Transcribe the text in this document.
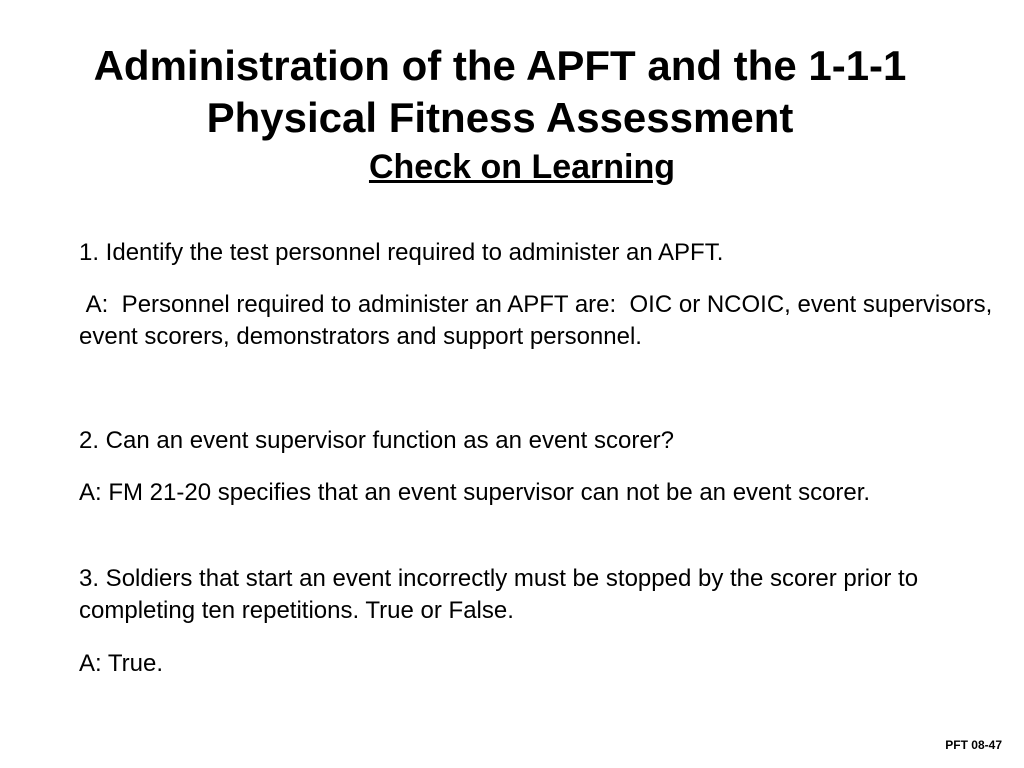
Administration of the APFT and the 1-1-1
Physical Fitness Assessment
Check on Learning
1. Identify the test personnel required to administer an APFT.
A:  Personnel required to administer an APFT are:  OIC or NCOIC, event supervisors, event scorers, demonstrators and support personnel.
2. Can an event supervisor function as an event scorer?
A: FM 21-20 specifies that an event supervisor can not be an event scorer.
3. Soldiers that start an event incorrectly must be stopped by the scorer prior to completing ten repetitions. True or False.
A: True.
PFT 08-47
